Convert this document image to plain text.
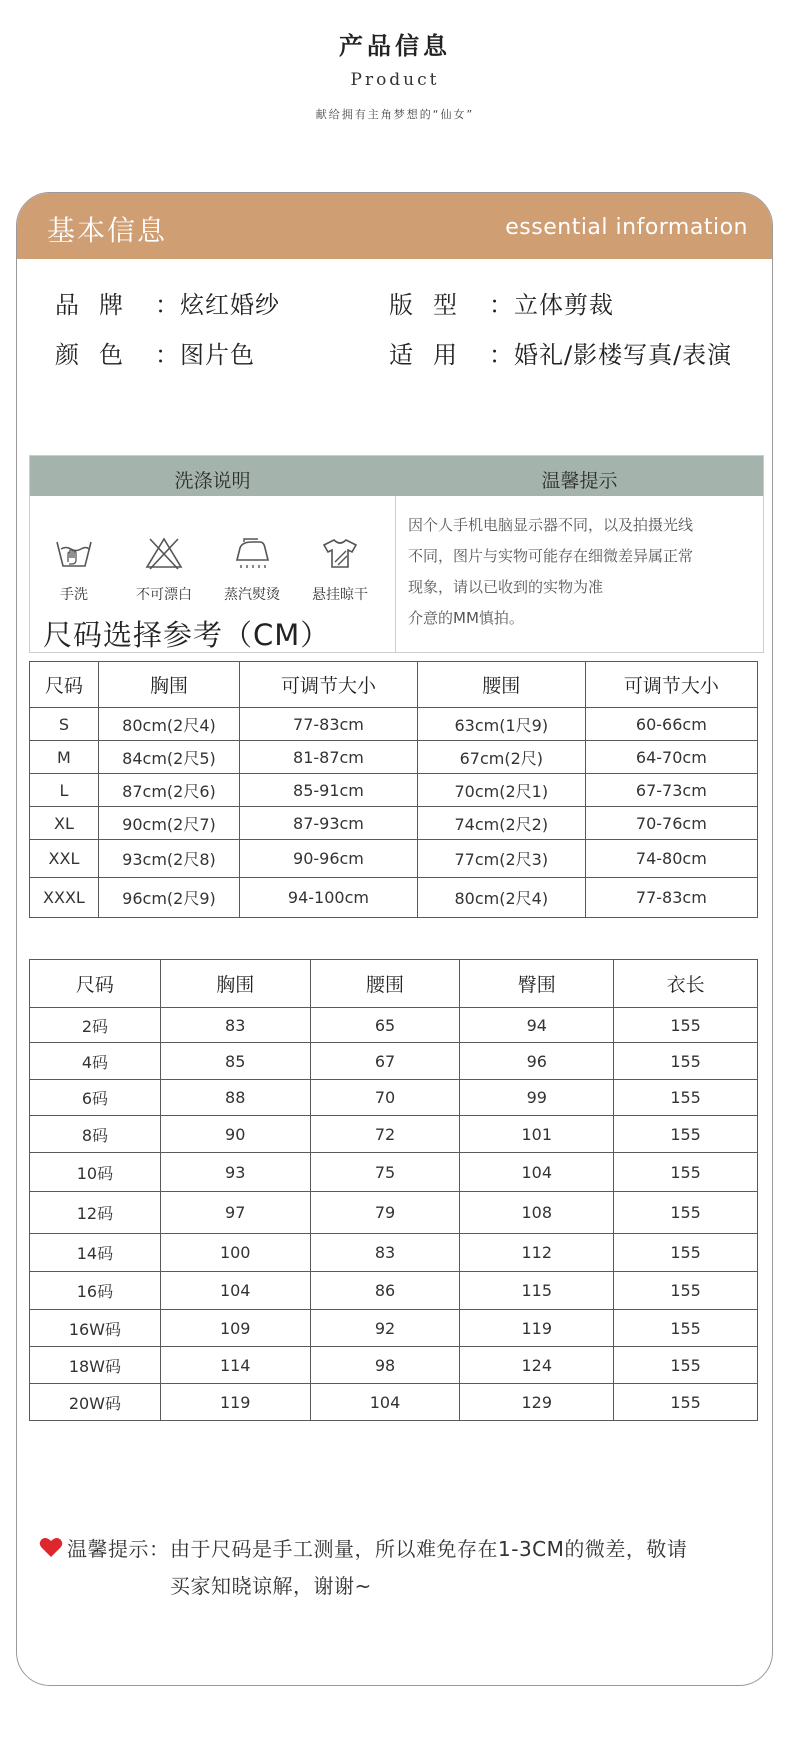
产品信息
Product
献给拥有主角梦想的“仙女”
基本信息	essential information
品牌 ：炫红婚纱	版型 ：立体剪裁
颜色 ：图片色	适用 ：婚礼/影楼写真/表演
洗涤说明	温馨提示
手洗	不可漂白	蒸汽熨烫	悬挂晾干
因个人手机电脑显示器不同，以及拍摄光线
不同，图片与实物可能存在细微差异属正常
现象，请以已收到的实物为准
介意的MM慎拍。
尺码选择参考（CM）
尺码	胸围	可调节大小	腰围	可调节大小
S	80cm(2尺4)	77-83cm	63cm(1尺9)	60-66cm
M	84cm(2尺5)	81-87cm	67cm(2尺)	64-70cm
L	87cm(2尺6)	85-91cm	70cm(2尺1)	67-73cm
XL	90cm(2尺7)	87-93cm	74cm(2尺2)	70-76cm
XXL	93cm(2尺8)	90-96cm	77cm(2尺3)	74-80cm
XXXL	96cm(2尺9)	94-100cm	80cm(2尺4)	77-83cm
尺码	胸围	腰围	臀围	衣长
2码	83	65	94	155
4码	85	67	96	155
6码	88	70	99	155
8码	90	72	101	155
10码	93	75	104	155
12码	97	79	108	155
14码	100	83	112	155
16码	104	86	115	155
16W码	109	92	119	155
18W码	114	98	124	155
20W码	119	104	129	155
温馨提示： 由于尺码是手工测量，所以难免存在1-3CM的微差，敬请
买家知晓谅解，谢谢~
